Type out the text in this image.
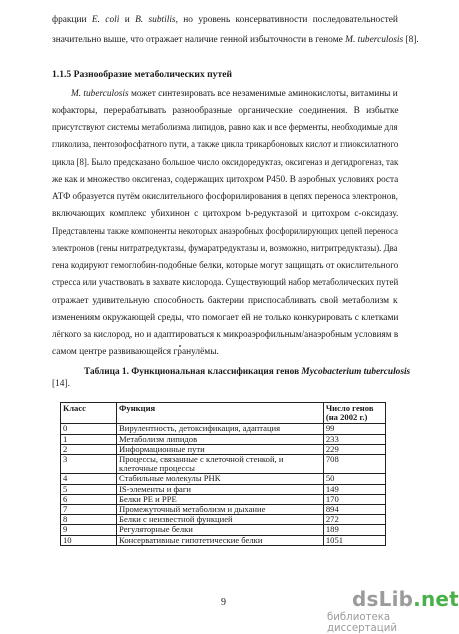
фракции E. coli и B. subtilis, но уровень консервативности последовательностей
значительно выше, что отражает наличие генной избыточности в геноме M. tuberculosis [8].
1.1.5 Разнообразие метаболических путей
M. tuberculosis может синтезировать все незаменимые аминокислоты, витамины и
кофакторы, перерабатывать разнообразные органические соединения. В избытке
присутствуют системы метаболизма липидов, равно как и все ферменты, необходимые для
гликолиза, пентозофосфатного пути, а также цикла трикарбоновых кислот и глиоксилатного
цикла [8]. Было предсказано большое число оксидоредуктаз, оксигеназ и дегидрогеназ, так
же как и множество оксигеназ, содержащих цитохром P450. В аэробных условиях роста
АТФ образуется путём окислительного фосфорилирования в цепях переноса электронов,
включающих комплекс убихинон с цитохром b-редуктазой и цитохром c-оксидазу.
Представлены также компоненты некоторых анаэробных фосфорилирующих цепей переноса
электронов (гены нитратредуктазы, фумаратредуктазы и, возможно, нитритредуктазы). Два
гена кодируют гемоглобин-подобные белки, которые могут защищать от окислительного
стресса или участвовать в захвате кислорода. Существующий набор метаболических путей
отражает удивительную способность бактерии приспосабливать свой метаболизм к
изменениям окружающей среды, что помогает ей не только конкурировать с клетками
лёгкого за кислород, но и адаптироваться к микроаэрофильным/анаэробным условиям в
самом центре развивающейся гранулёмы.
Таблица 1. Функциональная классификация генов Mycobacterium tuberculosis
[14].
Класс	Функция	Число генов (на 2002 г.)
0	Вирулентность, детоксификация, адаптация	99
1	Метаболизм липидов	233
2	Информационные пути	229
3	Процессы, связанные с клеточной стенкой, и клеточные процессы	708
4	Стабильные молекулы РНК	50
5	IS-элементы и фаги	149
6	Белки PE и PPE	170
7	Промежуточный метаболизм и дыхание	894
8	Белки с неизвестной функцией	272
9	Регуляторные белки	189
10	Консервативные гипотетические белки	1051
9	dsLib.net
библиотека диссертаций
